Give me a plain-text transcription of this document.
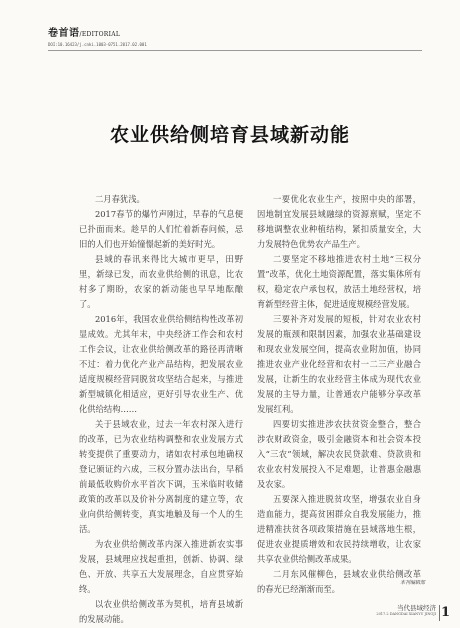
卷首语/EDITORIAL
DOI:10.16423/j.cnki.1003-0751.2017.02.001
农业供给侧培育县域新动能

二月春犹浅。

2017春节的爆竹声刚过，早春的气息便已扑面而来。趁早的人们忙着新春问候，忌旧的人们也开始憧憬起新的美好时光。

县域的春讯来得比大城市更早，田野里，新绿已发，而农业供给侧的讯息，比农村多了期盼，农家的新动能也早早地酝酿了。

2016年，我国农业供给侧结构性改革初显成效。尤其年末，中央经济工作会和农村工作会议，让农业供给侧改革的路径再清晰不过：着力优化产业产品结构，把发展农业适度规模经营同脱贫攻坚结合起来，与推进新型城镇化相适应，更好引导农业生产、优化供给结构……

关于县域农业，过去一年农村深入进行的改革，已为农业结构调整和农业发展方式转变提供了重要动力，诸如农村承包地确权登记颁证约六成，三权分置办法出台，早稻前最低收购价水平首次下调，玉米临时收储政策的改革以及价补分离制度的建立等，农业向供给侧转变，真实地触及每一个人的生活。

为农业供给侧改革内深入推进新农实事发展，县域理应找起重担，创新、协调、绿色、开放、共享五大发展理念，自应贯穿始终。

以农业供给侧改革为契机，培育县域新的发展动能。

一要优化农业生产，按照中央的部署，因地制宜发展县域融绿的资源禀赋，坚定不移地调整农业种植结构，紧扣质量安全，大力发展特色优势农产品生产。

二要坚定不移地推进农村土地“三权分置”改革，优化土地资源配置，落实集体所有权，稳定农户承包权，放活土地经营权，培育新型经营主体，促进适度规模经营发展。

三要补齐对发展的短板，针对农业农村发展的瓶颈和限制因素，加强农业基础建设和现农业发展空间，提高农业附加值，协同推进农业产业化经营和农村一二三产业融合发展，让新生的农业经营主体成为现代农业发展的主导力量，让普通农户能够分享改革发展红利。

四要切实推进涉农扶贫资金整合，整合涉农财政资金，吸引金融资本和社会资本投入“三农”领域，解决农民贷款难、贷款贵和农业农村发展投入不足难题，让普惠金融惠及农家。

五要深入推进脱贫攻坚，增强农业自身造血能力，提高贫困群众自我发展能力，推进精准扶贫各项政策措施在县域落地生根，促进农业提质增效和农民持续增收，让农家共享农业供给侧改革成果。

二月东风催柳色，县域农业供给侧改革的春光已经渐渐而至。

本刊编辑部
当代县域经济
2017.2 DANGDAI XIANYU JINGJI 1
